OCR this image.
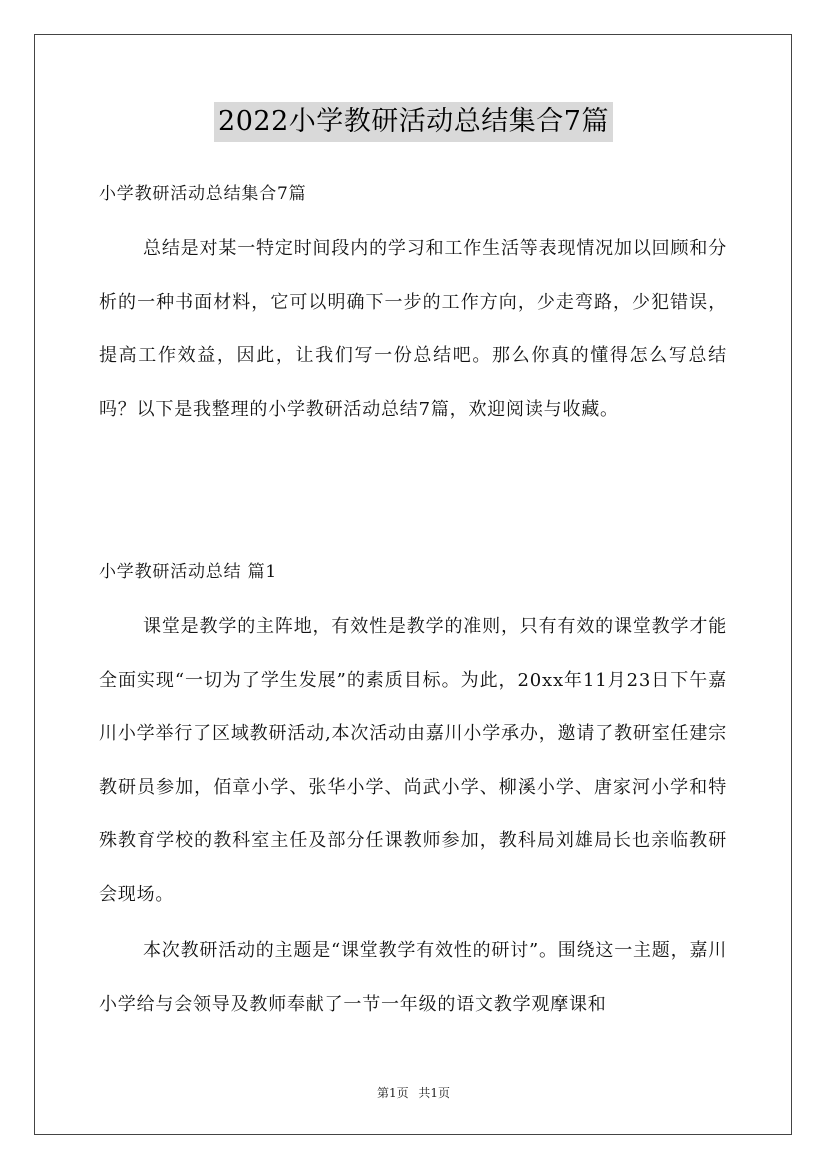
2022小学教研活动总结集合7篇

小学教研活动总结集合7篇

总结是对某一特定时间段内的学习和工作生活等表现情况加以回顾和分析的一种书面材料，它可以明确下一步的工作方向，少走弯路，少犯错误，提高工作效益，因此，让我们写一份总结吧。那么你真的懂得怎么写总结吗？以下是我整理的小学教研活动总结7篇，欢迎阅读与收藏。

小学教研活动总结 篇1

课堂是教学的主阵地，有效性是教学的准则，只有有效的课堂教学才能全面实现“一切为了学生发展”的素质目标。为此，20xx年11月23日下午嘉川小学举行了区域教研活动,本次活动由嘉川小学承办，邀请了教研室任建宗教研员参加，佰章小学、张华小学、尚武小学、柳溪小学、唐家河小学和特殊教育学校的教科室主任及部分任课教师参加，教科局刘雄局长也亲临教研会现场。

本次教研活动的主题是“课堂教学有效性的研讨”。围绕这一主题，嘉川小学给与会领导及教师奉献了一节一年级的语文教学观摩课和

第1页 共1页
